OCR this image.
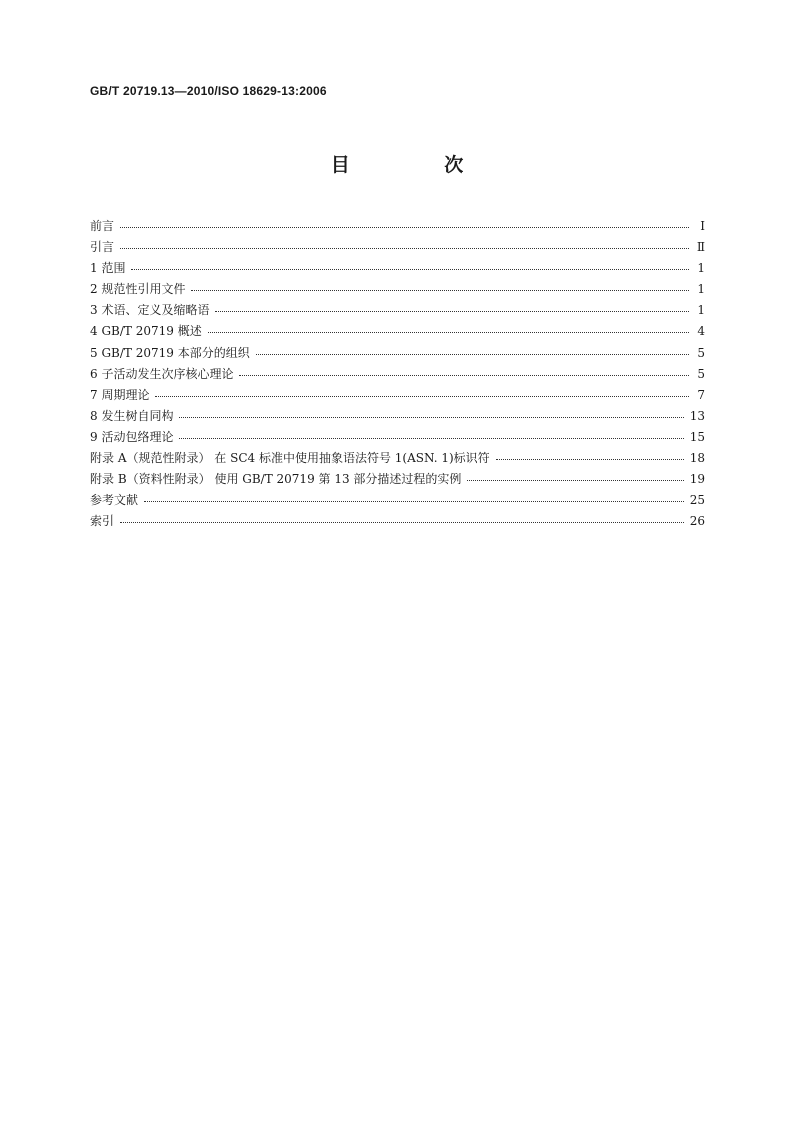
GB/T 20719.13—2010/ISO 18629-13:2006
目 次
前言	Ⅰ
引言	Ⅱ
1 范围	1
2 规范性引用文件	1
3 术语、定义及缩略语	1
4 GB/T 20719 概述	4
5 GB/T 20719 本部分的组织	5
6 子活动发生次序核心理论	5
7 周期理论	7
8 发生树自同构	13
9 活动包络理论	15
附录 A（规范性附录） 在 SC4 标准中使用抽象语法符号 1(ASN. 1)标识符	18
附录 B（资料性附录） 使用 GB/T 20719 第 13 部分描述过程的实例	19
参考文献	25
索引	26
